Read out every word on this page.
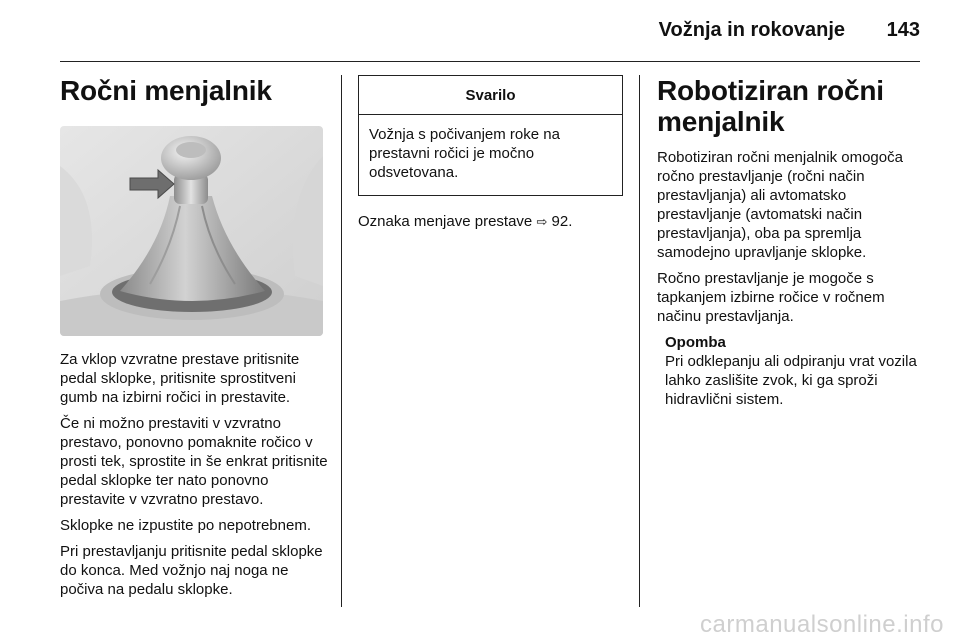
Vožnja in rokovanje	143
Ročni menjalnik

Za vklop vzvratne prestave pritisnite pedal sklopke, pritisnite sprostitveni gumb na izbirni ročici in prestavite.

Če ni možno prestaviti v vzvratno prestavo, ponovno pomaknite ročico v prosti tek, sprostite in še enkrat pritisnite pedal sklopke ter nato ponovno prestavite v vzvratno prestavo.

Sklopke ne izpustite po nepotrebnem.

Pri prestavljanju pritisnite pedal sklopke do konca. Med vožnjo naj noga ne počiva na pedalu sklopke.

Svarilo

Vožnja s počivanjem roke na prestavni ročici je močno odsvetovana.

Oznaka menjave prestave ⇨ 92.

Robotiziran ročni menjalnik

Robotiziran ročni menjalnik omogoča ročno prestavljanje (ročni način prestavljanja) ali avtomatsko prestavljanje (avtomatski način prestavljanja), oba pa spremlja samodejno upravljanje sklopke.

Ročno prestavljanje je mogoče s tapkanjem izbirne ročice v ročnem načinu prestavljanja.

Opomba

Pri odklepanju ali odpiranju vrat vozila lahko zaslišite zvok, ki ga sproži hidravlični sistem.

carmanualsonline.info
